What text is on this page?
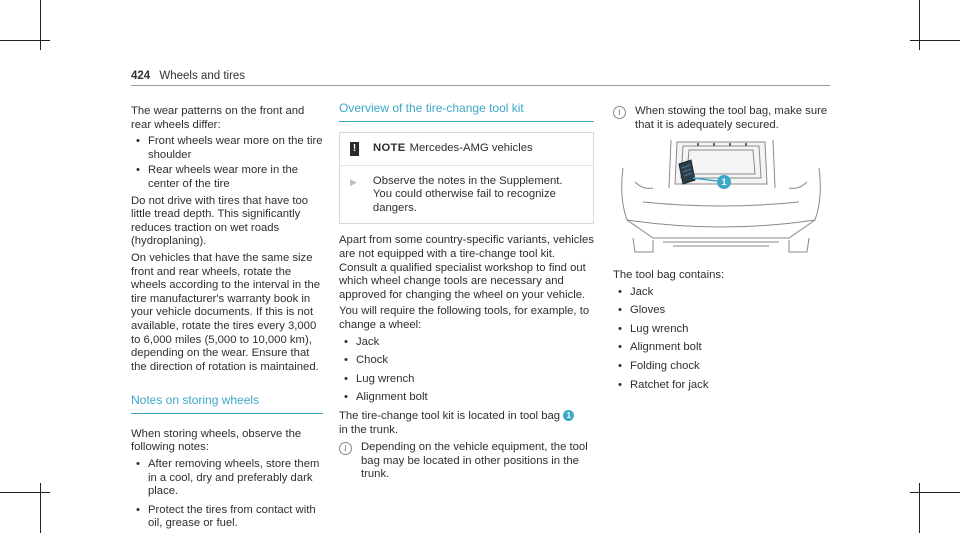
424 Wheels and tires

The wear patterns on the front and rear wheels differ:

• Front wheels wear more on the tire shoulder
• Rear wheels wear more in the center of the tire

Do not drive with tires that have too little tread depth. This significantly reduces traction on wet roads (hydroplaning).

On vehicles that have the same size front and rear wheels, rotate the wheels according to the interval in the tire manufacturer's warranty book in your vehicle documents. If this is not available, rotate the tires every 3,000 to 6,000 miles (5,000 to 10,000 km), depending on the wear. Ensure that the direction of rotation is maintained.

Notes on storing wheels

When storing wheels, observe the following notes:

• After removing wheels, store them in a cool, dry and preferably dark place.
• Protect the tires from contact with oil, grease or fuel.
Overview of the tire-change tool kit
! NOTE Mercedes-AMG vehicles
▶ Observe the notes in the Supplement. You could otherwise fail to recognize dangers.

Apart from some country-specific variants, vehicles are not equipped with a tire-change tool kit. Consult a qualified specialist workshop to find out which wheel change tools are necessary and approved for changing the wheel on your vehicle.

You will require the following tools, for example, to change a wheel:

• Jack
• Chock
• Lug wrench
• Alignment bolt

The tire-change tool kit is located in tool bag 1
in the trunk.

i	Depending on the vehicle equipment, the tool bag may be located in other positions in the trunk.
i	When stowing the tool bag, make sure that it is adequately secured.
1

The tool bag contains:

• Jack
• Gloves
• Lug wrench
• Alignment bolt
• Folding chock
• Ratchet for jack
